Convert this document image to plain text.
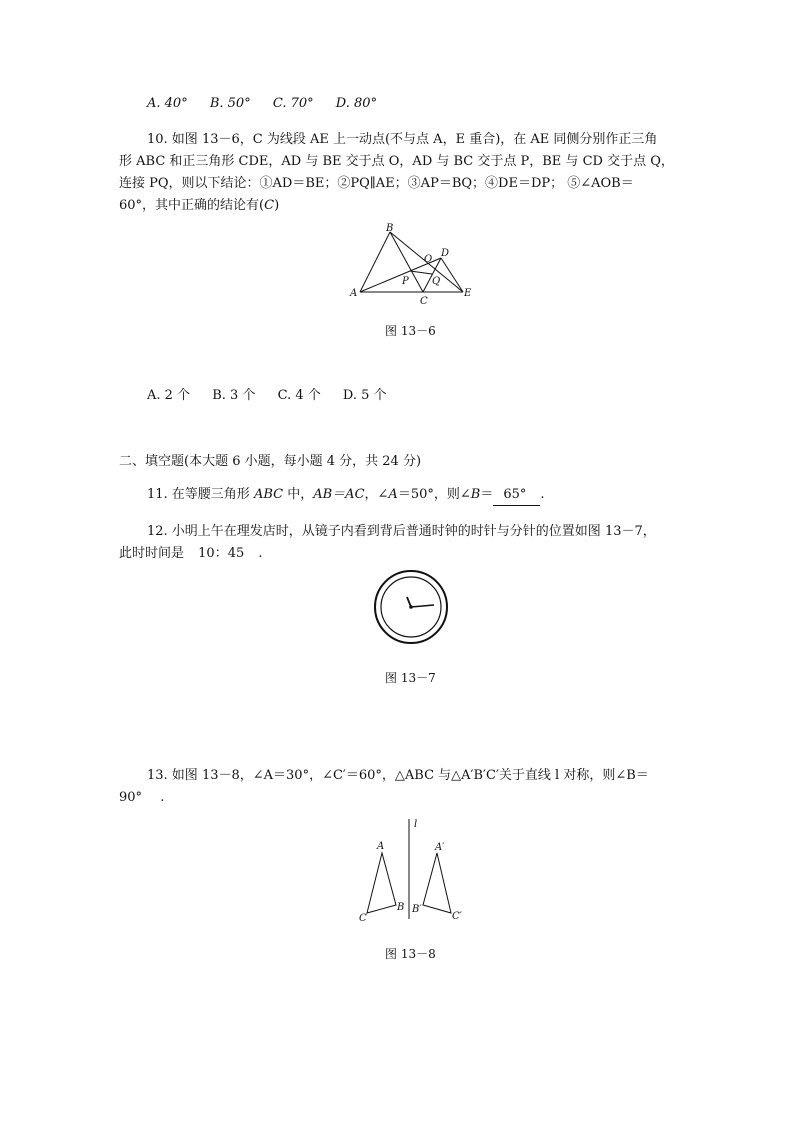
A. 40° B. 50° C. 70° D. 80°
10. 如图 13－6，C 为线段 AE 上一动点(不与点 A，E 重合)，在 AE 同侧分别作正三角
形 ABC 和正三角形 CDE，AD 与 BE 交于点 O，AD 与 BC 交于点 P，BE 与 CD 交于点 Q，
连接 PQ，则以下结论：①AD＝BE；②PQ∥AE；③AP＝BQ；④DE＝DP； ⑤∠AOB＝
60°，其中正确的结论有(C)
B
A	E
C
D
O
P Q
图 13－6
A. 2 个 B. 3 个 C. 4 个 D. 5 个
二、填空题(本大题 6 小题，每小题 4 分，共 24 分)
11. 在等腰三角形 ABC 中，AB＝AC，∠A＝50°，则∠B＝ 65° .
12. 小明上午在理发店时，从镜子内看到背后普通时钟的时针与分针的位置如图 13－7，
此时时间是 10：45 .
图 13－7
13. 如图 13－8，∠A＝30°，∠C′＝60°，△ABC 与△A′B′C′关于直线 l 对称，则∠B＝
90° .
l
A
C
B
A′
B′
C′
图 13－8
